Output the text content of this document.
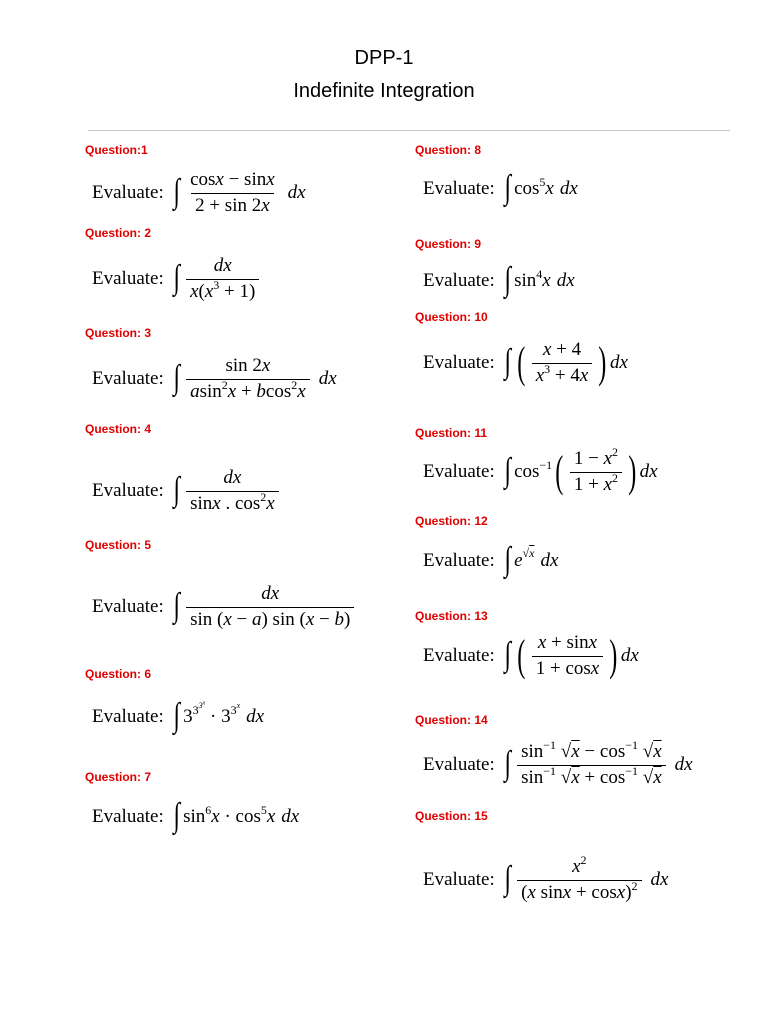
DPP-1
Indefinite Integration
Question:1
Evaluate: ∫ $\frac{\cos x - \sin x}{2 + \sin 2x}$ dx
Question: 2
Evaluate: ∫ $\frac{dx}{x(x^3 + 1)}$
Question: 3
Evaluate: ∫ $\frac{\sin 2x}{asin^2x + bcos^2x}$ dx
Question: 4
Evaluate: ∫ $\frac{dx}{\sin x . \cos^2x}$
Question: 5
Evaluate: ∫ $\frac{dx}{\sin (x - a) \sin (x - b)}$
Question: 6
Evaluate: ∫ $3^{3^{3^x}} \cdot 3^{3^x}$
dx
Question: 7
Evaluate: ∫ $\sin^6x \cdot \cos^5x$ dx
Question: 8
Evaluate: ∫ $\cos^5x$ dx
Question: 9
Evaluate: ∫ $\sin^4x$ dx
Question: 10
Evaluate: ∫ ( $\frac{x + 4}{x^3 + 4x}$ ) dx
Question: 11
Evaluate: ∫ $\cos^{-1}$ ( $\frac{1 - x^2}{1 + x^2}$ ) dx
Question: 12
Evaluate: ∫ e √x dx
Question: 13
Evaluate: ∫ ( $\frac{x + \sin x}{1 + \cos x}$ ) dx
Question: 14
Evaluate: ∫ $\frac{\sin^{-1} √x - \cos^{-1} √x}{\sin^{-1} √x + \cos^{-1} √x}$ dx
Question: 15
Evaluate: ∫ $\frac{x^2}{(x \sin x + \cos x)^2}$ dx
